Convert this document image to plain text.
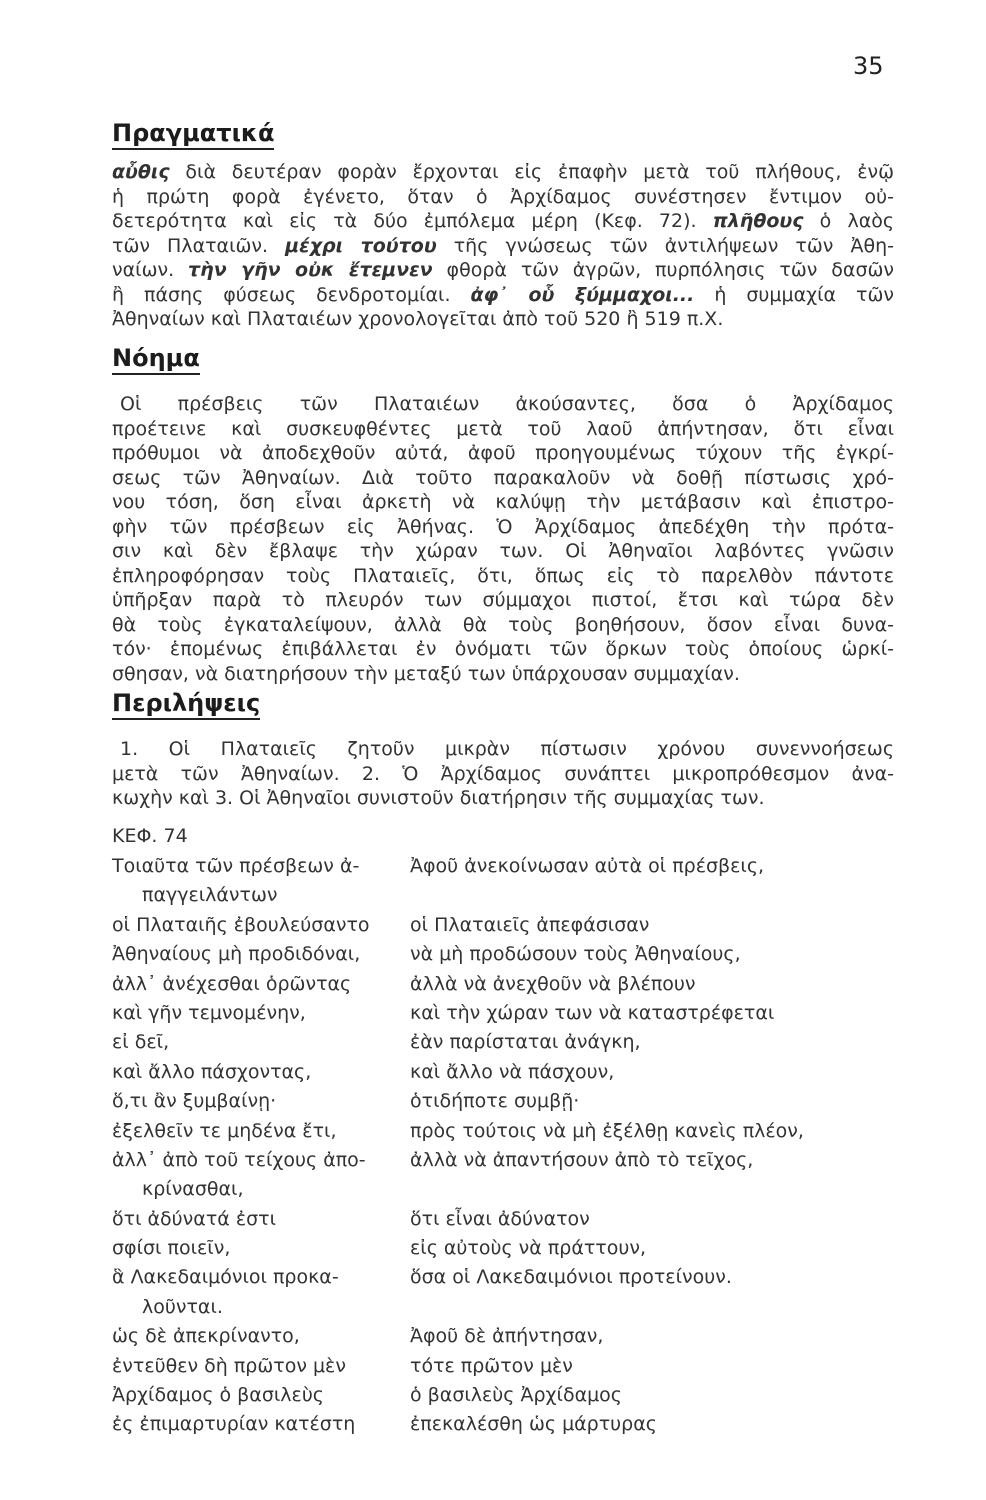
35
Πραγματικά
αὖθις διὰ δευτέραν φορὰν ἔρχονται εἰς ἐπαφὴν μετὰ τοῦ πλήθους, ἐνῷ
ἡ πρώτη φορὰ ἐγένετο, ὅταν ὁ Ἀρχίδαμος συνέστησεν ἔντιμον οὐ-
δετερότητα καὶ εἰς τὰ δύο ἐμπόλεμα μέρη (Κεφ. 72). πλῆθους ὁ λαὸς
τῶν Πλαταιῶν. μέχρι τούτου τῆς γνώσεως τῶν ἀντιλήψεων τῶν Ἀθη-
ναίων. τὴν γῆν οὐκ ἔτεμνεν φθορὰ τῶν ἀγρῶν, πυρπόλησις τῶν δασῶν
ἢ πάσης φύσεως δενδροτομίαι. ἀφ᾽ οὗ ξύμμαχοι... ἡ συμμαχία τῶν
Ἀθηναίων καὶ Πλαταιέων χρονολογεῖται ἀπὸ τοῦ 520 ἢ 519 π.Χ.
Νόημα
Οἱ πρέσβεις τῶν Πλαταιέων ἀκούσαντες, ὅσα ὁ Ἀρχίδαμος
προέτεινε καὶ συσκευφθέντες μετὰ τοῦ λαοῦ ἀπήντησαν, ὅτι εἶναι
πρόθυμοι νὰ ἀποδεχθοῦν αὐτά, ἀφοῦ προηγουμένως τύχουν τῆς ἐγκρί-
σεως τῶν Ἀθηναίων. Διὰ τοῦτο παρακαλοῦν νὰ δοθῇ πίστωσις χρό-
νου τόση, ὅση εἶναι ἀρκετὴ νὰ καλύψῃ τὴν μετάβασιν καὶ ἐπιστρο-
φὴν τῶν πρέσβεων εἰς Ἀθήνας. Ὁ Ἀρχίδαμος ἀπεδέχθη τὴν πρότα-
σιν καὶ δὲν ἔβλαψε τὴν χώραν των. Οἱ Ἀθηναῖοι λαβόντες γνῶσιν
ἐπληροφόρησαν τοὺς Πλαταιεῖς, ὅτι, ὅπως εἰς τὸ παρελθὸν πάντοτε
ὑπῆρξαν παρὰ τὸ πλευρόν των σύμμαχοι πιστοί, ἔτσι καὶ τώρα δὲν
θὰ τοὺς ἐγκαταλείψουν, ἀλλὰ θὰ τοὺς βοηθήσουν, ὅσον εἶναι δυνα-
τόν· ἑπομένως ἐπιβάλλεται ἐν ὀνόματι τῶν ὅρκων τοὺς ὁποίους ὡρκί-
σθησαν, νὰ διατηρήσουν τὴν μεταξύ των ὑπάρχουσαν συμμαχίαν.
Περιλήψεις
1. Οἱ Πλαταιεῖς ζητοῦν μικρὰν πίστωσιν χρόνου συνεννοήσεως
μετὰ τῶν Ἀθηναίων. 2. Ὁ Ἀρχίδαμος συνάπτει μικροπρόθεσμον ἀνα-
κωχὴν καὶ 3. Οἱ Ἀθηναῖοι συνιστοῦν διατήρησιν τῆς συμμαχίας των.
ΚΕΦ. 74
Τοιαῦτα τῶν πρέσβεων ἀ-
παγγειλάντων
οἱ Πλαταιῆς ἐβουλεύσαντο
Ἀθηναίους μὴ προδιδόναι,
ἀλλ᾽ ἀνέχεσθαι ὁρῶντας
καὶ γῆν τεμνομένην,
εἰ δεῖ,
καὶ ἄλλο πάσχοντας,
ὅ,τι ἂν ξυμβαίνῃ·
ἐξελθεῖν τε μηδένα ἔτι,
ἀλλ᾽ ἀπὸ τοῦ τείχους ἀπο-
κρίνασθαι,
ὅτι ἀδύνατά ἐστι
σφίσι ποιεῖν,
ἃ Λακεδαιμόνιοι προκα-
λοῦνται.
ὡς δὲ ἀπεκρίναντο,
ἐντεῦθεν δὴ πρῶτον μὲν
Ἀρχίδαμος ὁ βασιλεὺς
ἐς ἐπιμαρτυρίαν κατέστη
Ἀφοῦ ἀνεκοίνωσαν αὐτὰ οἱ πρέσβεις,
οἱ Πλαταιεῖς ἀπεφάσισαν
νὰ μὴ προδώσουν τοὺς Ἀθηναίους,
ἀλλὰ νὰ ἀνεχθοῦν νὰ βλέπουν
καὶ τὴν χώραν των νὰ καταστρέφεται
ἐὰν παρίσταται ἀνάγκη,
καὶ ἄλλο νὰ πάσχουν,
ὁτιδήποτε συμβῇ·
πρὸς τούτοις νὰ μὴ ἐξέλθῃ κανεὶς πλέον,
ἀλλὰ νὰ ἀπαντήσουν ἀπὸ τὸ τεῖχος,
ὅτι εἶναι ἀδύνατον
εἰς αὐτοὺς νὰ πράττουν,
ὅσα οἱ Λακεδαιμόνιοι προτείνουν.
Ἀφοῦ δὲ ἀπήντησαν,
τότε πρῶτον μὲν
ὁ βασιλεὺς Ἀρχίδαμος
ἐπεκαλέσθη ὡς μάρτυρας
